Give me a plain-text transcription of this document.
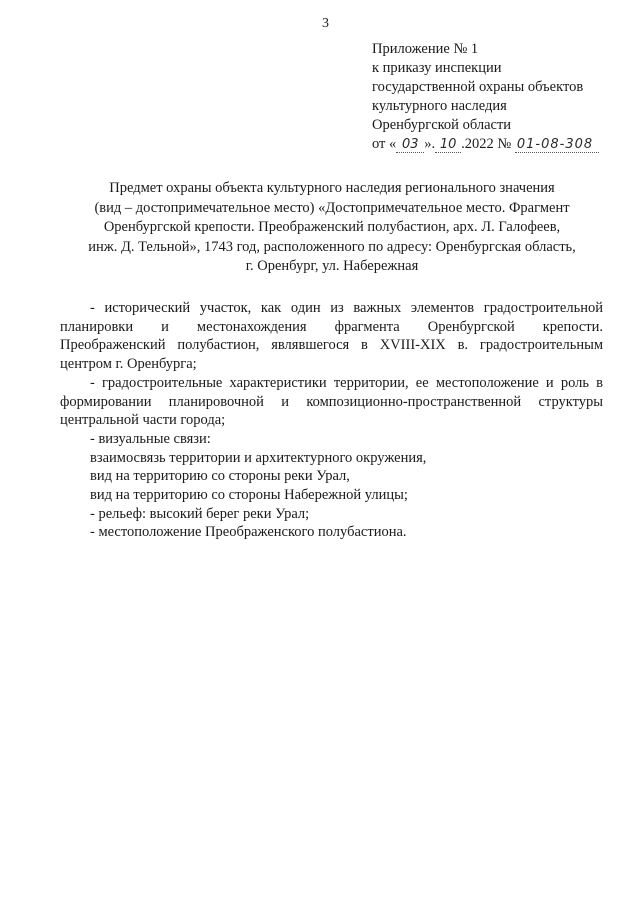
3
Приложение № 1
к приказу инспекции
государственной охраны объектов
культурного наследия
Оренбургской области
от « 03 ». 10 .2022 № 01-08-308
Предмет охраны объекта культурного наследия регионального значения
(вид – достопримечательное место) «Достопримечательное место. Фрагмент
Оренбургской крепости. Преображенский полубастион, арх. Л. Галофеев,
инж. Д. Тельной», 1743 год, расположенного по адресу: Оренбургская область,
г. Оренбург, ул. Набережная
- исторический участок, как один из важных элементов градостроительной
планировки и местонахождения фрагмента Оренбургской крепости.
Преображенский полубастион, являвшегося в XVIII-XIX в. градостроительным
центром г. Оренбурга;
- градостроительные характеристики территории, ее местоположение и роль в
формировании планировочной и композиционно-пространственной структуры
центральной части города;
- визуальные связи:
взаимосвязь территории и архитектурного окружения,
вид на территорию со стороны реки Урал,
вид на территорию со стороны Набережной улицы;
- рельеф: высокий берег реки Урал;
- местоположение Преображенского полубастиона.
